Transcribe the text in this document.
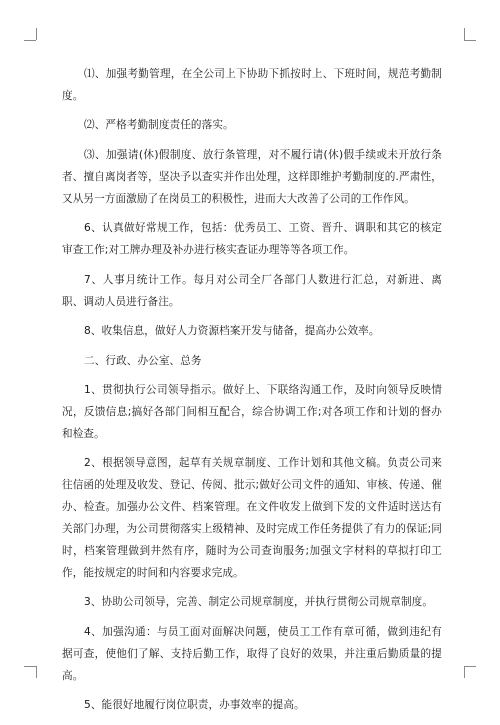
⑴、加强考勤管理，在全公司上下协助下抓按时上、下班时间，规范考勤制度。

⑵、严格考勤制度责任的落实。

⑶、加强请(休)假制度、放行条管理，对不履行请(休)假手续或未开放行条者、擅自离岗者等，坚决予以查实并作出处理，这样即维护考勤制度的.严肃性，又从另一方面激励了在岗员工的积极性，进而大大改善了公司的工作作风。

6、认真做好常规工作，包括：优秀员工、工资、晋升、调职和其它的核定审查工作;对工牌办理及补办进行核实查证办理等等各项工作。

7、人事月统计工作。每月对公司全厂各部门人数进行汇总，对新进、离职、调动人员进行备注。

8、收集信息，做好人力资源档案开发与储备，提高办公效率。

二、行政、办公室、总务

1、贯彻执行公司领导指示。做好上、下联络沟通工作，及时向领导反映情况，反馈信息;搞好各部门间相互配合，综合协调工作;对各项工作和计划的督办和检查。

2、根据领导意图，起草有关规章制度、工作计划和其他文稿。负责公司来往信函的处理及收发、登记、传阅、批示;做好公司文件的通知、审核、传递、催办、检查。加强办公文件、档案管理。在文件收发上做到下发的文件适时送达有关部门办理，为公司贯彻落实上级精神、及时完成工作任务提供了有力的保证;同时，档案管理做到井然有序，随时为公司查询服务;加强文字材料的草拟打印工作，能按规定的时间和内容要求完成。

3、协助公司领导，完善、制定公司规章制度，并执行贯彻公司规章制度。

4、加强沟通：与员工面对面解决问题，使员工工作有章可循，做到违纪有据可查，使他们了解、支持后勤工作，取得了良好的效果，并注重后勤质量的提高。

5、能很好地履行岗位职责，办事效率的提高。
